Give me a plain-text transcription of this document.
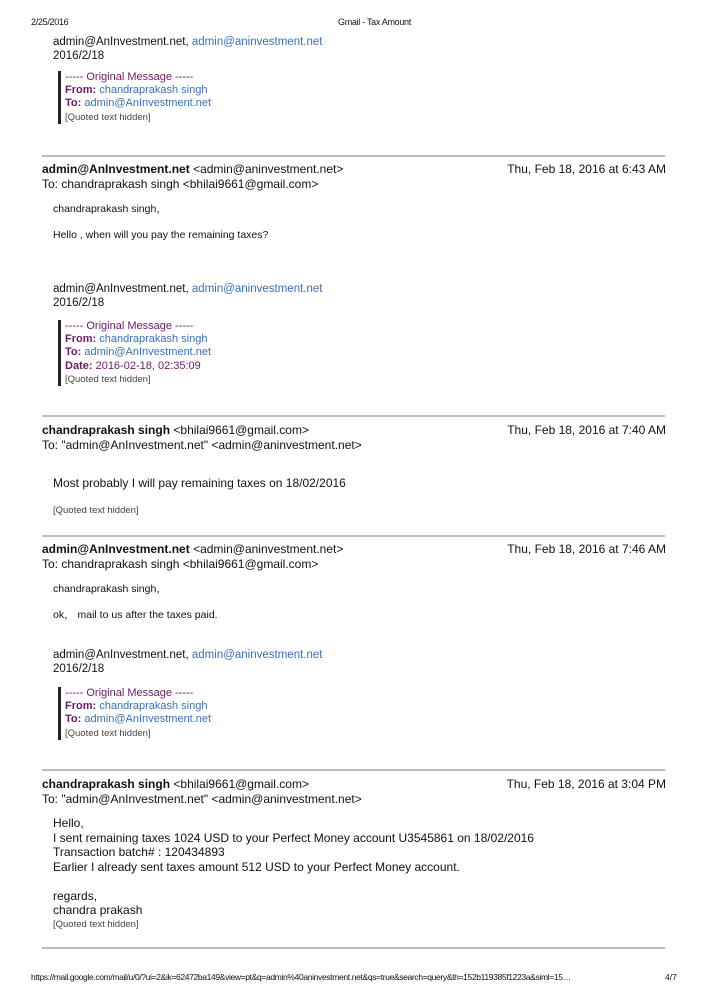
2/25/2016	Gmail - Tax Amount
admin@AnInvestment.net, admin@aninvestment.net
2016/2/18
----- Original Message -----
From: chandraprakash singh
To: admin@AnInvestment.net
[Quoted text hidden]
admin@AnInvestment.net <admin@aninvestment.net>	Thu, Feb 18, 2016 at 6:43 AM
To: chandraprakash singh <bhilai9661@gmail.com>
chandraprakash singh，
Hello , when will you pay the remaining taxes?
admin@AnInvestment.net, admin@aninvestment.net
2016/2/18
----- Original Message -----
From: chandraprakash singh
To: admin@AnInvestment.net
Date: 2016-02-18, 02:35:09
[Quoted text hidden]
chandraprakash singh <bhilai9661@gmail.com>	Thu, Feb 18, 2016 at 7:40 AM
To: "admin@AnInvestment.net" <admin@aninvestment.net>
Most probably I will pay remaining taxes on 18/02/2016
[Quoted text hidden]
admin@AnInvestment.net <admin@aninvestment.net>	Thu, Feb 18, 2016 at 7:46 AM
To: chandraprakash singh <bhilai9661@gmail.com>
chandraprakash singh，
ok， mail to us after the taxes paid.
admin@AnInvestment.net, admin@aninvestment.net
2016/2/18
----- Original Message -----
From: chandraprakash singh
To: admin@AnInvestment.net
[Quoted text hidden]
chandraprakash singh <bhilai9661@gmail.com>	Thu, Feb 18, 2016 at 3:04 PM
To: "admin@AnInvestment.net" <admin@aninvestment.net>
Hello,
I sent remaining taxes 1024 USD to your Perfect Money account U3545861 on 18/02/2016
Transaction batch# : 120434893
Earlier I already sent taxes amount 512 USD to your Perfect Money account.
regards,
chandra prakash
[Quoted text hidden]
https://mail.google.com/mail/u/0/?ui=2&ik=62472ba149&view=pt&q=admin%40aninvestment.net&qs=true&search=query&th=152b119385f1223a&siml=15…	4/7
